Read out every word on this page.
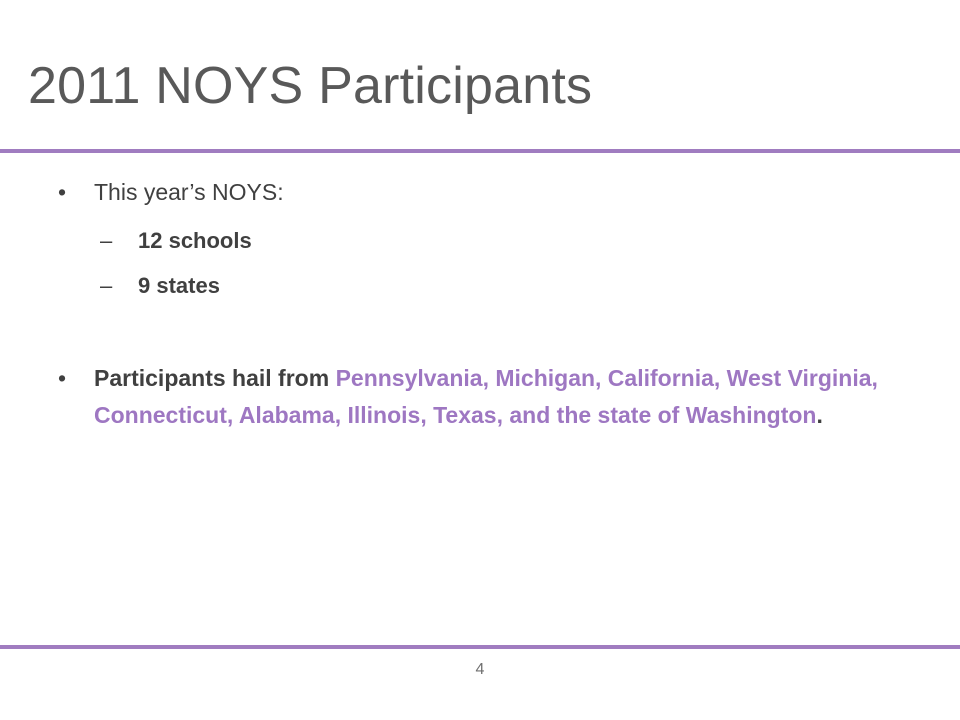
2011 NOYS Participants
•	This year’s NOYS:
–	12 schools
–	9 states
•	Participants hail from Pennsylvania, Michigan, California, West Virginia, Connecticut, Alabama, Illinois, Texas, and the state of Washington.
4
